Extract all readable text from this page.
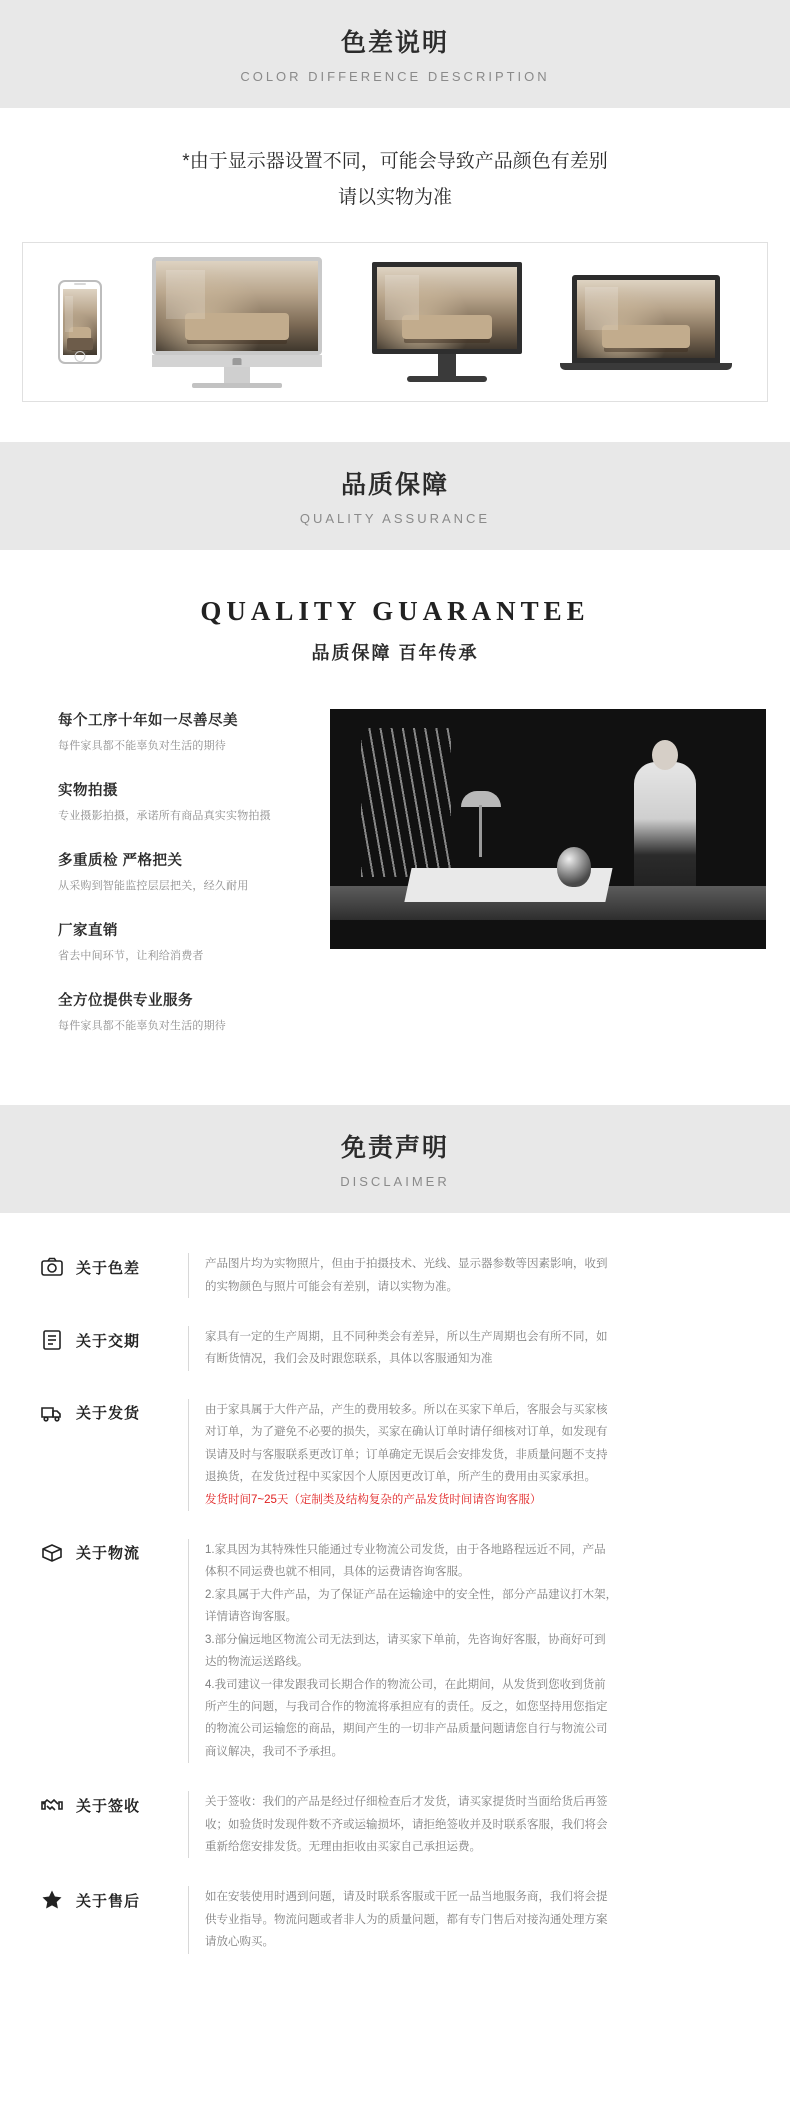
色差说明
COLOR DIFFERENCE DESCRIPTION

*由于显示器设置不同，可能会导致产品颜色有差别

请以实物为准

品质保障
QUALITY ASSURANCE
QUALITY GUARANTEE
品质保障 百年传承
每个工序十年如一尽善尽美
每件家具都不能辜负对生活的期待
实物拍摄
专业摄影拍摄，承诺所有商品真实实物拍摄
多重质检 严格把关
从采购到智能监控层层把关，经久耐用
厂家直销
省去中间环节，让利给消费者
全方位提供专业服务
每件家具都不能辜负对生活的期待
免责声明
DISCLAIMER
关于色差	产品图片均为实物照片，但由于拍摄技术、光线、显示器参数等因素影响，收到

的实物颜色与照片可能会有差别，请以实物为准。

关于交期	家具有一定的生产周期，且不同种类会有差异，所以生产周期也会有所不同，如

有断货情况，我们会及时跟您联系，具体以客服通知为准

关于发货	由于家具属于大件产品，产生的费用较多。所以在买家下单后，客服会与买家核

对订单，为了避免不必要的损失，买家在确认订单时请仔细核对订单，如发现有

误请及时与客服联系更改订单；订单确定无误后会安排发货，非质量问题不支持

退换货，在发货过程中买家因个人原因更改订单，所产生的费用由买家承担。

发货时间7~25天（定制类及结构复杂的产品发货时间请咨询客服）

关于物流	1.家具因为其特殊性只能通过专业物流公司发货，由于各地路程远近不同，产品

体积不同运费也就不相同，具体的运费请咨询客服。

2.家具属于大件产品，为了保证产品在运输途中的安全性，部分产品建议打木架，

详情请咨询客服。

3.部分偏远地区物流公司无法到达，请买家下单前，先咨询好客服，协商好可到

达的物流运送路线。

4.我司建议一律发跟我司长期合作的物流公司，在此期间，从发货到您收到货前

所产生的问题，与我司合作的物流将承担应有的责任。反之，如您坚持用您指定

的物流公司运输您的商品，期间产生的一切非产品质量问题请您自行与物流公司

商议解决，我司不予承担。

关于签收	关于签收：我们的产品是经过仔细检查后才发货，请买家提货时当面给货后再签

收；如验货时发现件数不齐或运输损坏，请拒绝签收并及时联系客服，我们将会

重新给您安排发货。无理由拒收由买家自己承担运费。

关于售后	如在安装使用时遇到问题，请及时联系客服或干匠一品当地服务商，我们将会提

供专业指导。物流问题或者非人为的质量问题，都有专门售后对接沟通处理方案

请放心购买。
